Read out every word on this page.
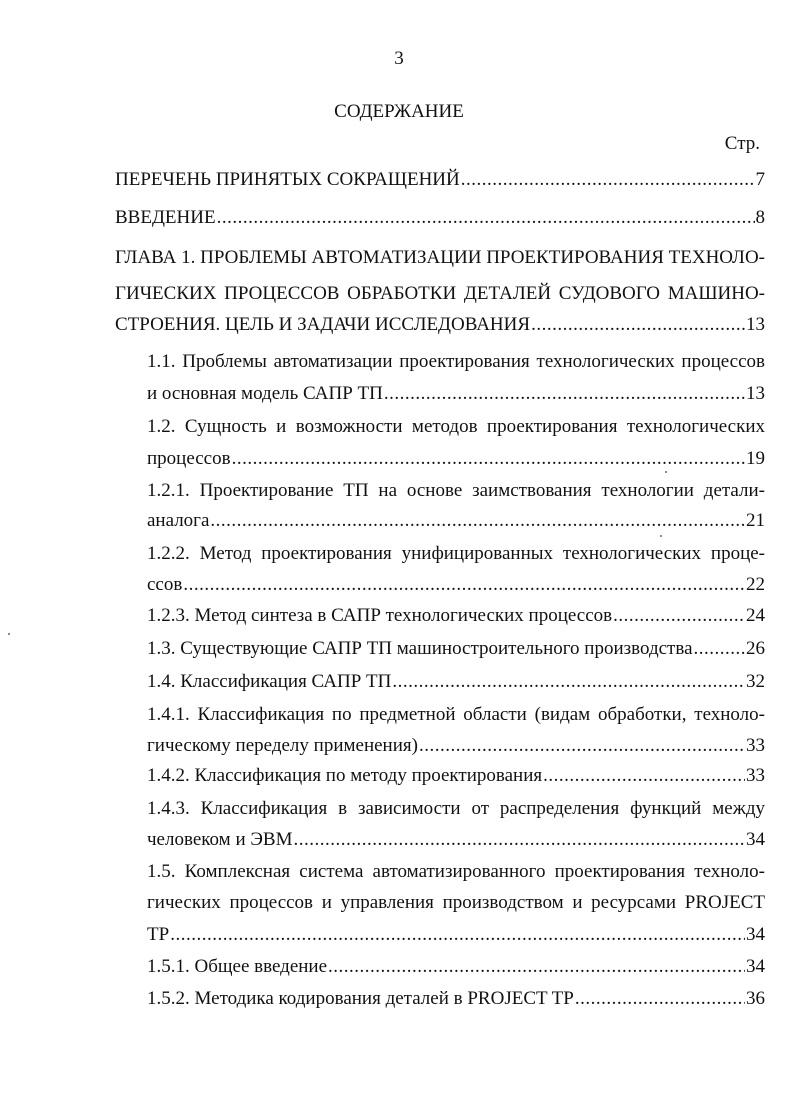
3
СОДЕРЖАНИЕ
Стр.
ПЕРЕЧЕНЬ ПРИНЯТЫХ СОКРАЩЕНИЙ .....	7
ВВЕДЕНИЕ .....	8
ГЛАВА 1. ПРОБЛЕМЫ АВТОМАТИЗАЦИИ ПРОЕКТИРОВАНИЯ ТЕХНОЛО-
ГИЧЕСКИХ ПРОЦЕССОВ ОБРАБОТКИ ДЕТАЛЕЙ СУДОВОГО МАШИНО-
СТРОЕНИЯ. ЦЕЛЬ И ЗАДАЧИ ИССЛЕДОВАНИЯ .....	13
1.1. Проблемы автоматизации проектирования технологических процессов
и основная модель САПР ТП .....	13
1.2. Сущность и возможности методов проектирования технологических
процессов .....	19
1.2.1. Проектирование ТП на основе заимствования технологии детали-
аналога .....	21
1.2.2. Метод проектирования унифицированных технологических проце-
ссов .....	22
1.2.3. Метод синтеза в САПР технологических процессов .....	24
1.3. Существующие САПР ТП машиностроительного производства .....	26
1.4. Классификация САПР ТП .....	32
1.4.1. Классификация по предметной области (видам обработки, техноло-
гическому переделу применения) .....	33
1.4.2. Классификация по методу проектирования .....	33
1.4.3. Классификация в зависимости от распределения функций между
человеком и ЭВМ .....	34
1.5. Комплексная система автоматизированного проектирования техноло-
гических процессов и управления производством и ресурсами PROJECT
TP .....	34
1.5.1. Общее введение .....	34
1.5.2. Методика кодирования деталей в PROJECT TP .....	36
